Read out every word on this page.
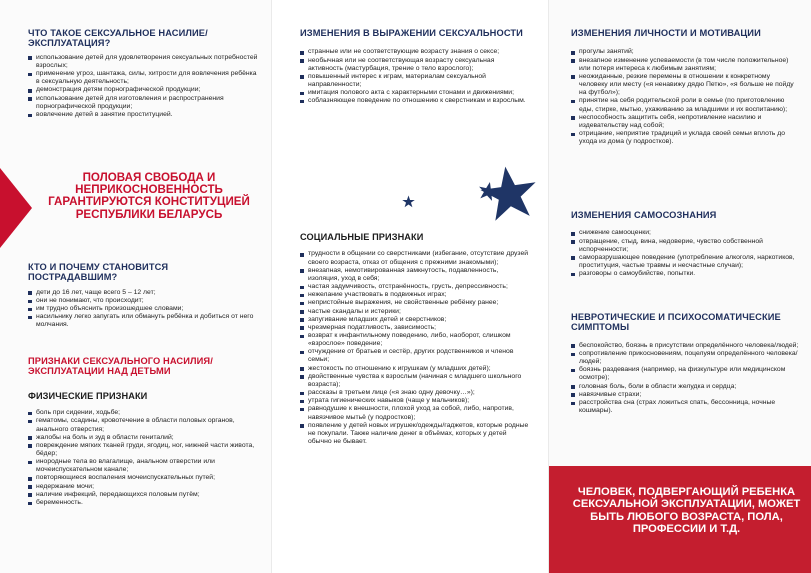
ЧТО ТАКОЕ СЕКСУАЛЬНОЕ НАСИЛИЕ/ЭКСПЛУАТАЦИЯ?
использование детей для удовлетворения сексуальных потребностей взрослых;
применение угроз, шантажа, силы, хитрости для вовлечения ребёнка в сексуальную деятельность;
демонстрация детям порнографической продукции;
использование детей для изготовления и распространения порнографической продукции;
вовлечение детей в занятие проституцией.
ПОЛОВАЯ СВОБОДА И НЕПРИКОСНОВЕННОСТЬ ГАРАНТИРУЮТСЯ КОНСТИТУЦИЕЙ РЕСПУБЛИКИ БЕЛАРУСЬ
КТО И ПОЧЕМУ СТАНОВИТСЯ ПОСТРАДАВШИМ?
дети до 16 лет, чаще всего 5 – 12 лет;
они не понимают, что происходит;
им трудно объяснить произошедшее словами;
насильнику легко запугать или обмануть ребёнка и добиться от него молчания.
ПРИЗНАКИ СЕКСУАЛЬНОГО НАСИЛИЯ/ЭКСПЛУАТАЦИИ НАД ДЕТЬМИ
ФИЗИЧЕСКИЕ ПРИЗНАКИ
боль при сидении, ходьбе;
гематомы, ссадины, кровотечение в области половых органов, анального отверстия;
жалобы на боль и зуд в области гениталий;
повреждение мягких тканей груди, ягодиц, ног, нижней части живота, бёдер;
инородные тела во влагалище, анальном отверстии или мочеиспускательном канале;
повторяющиеся воспаления мочеиспускательных путей;
недержание мочи;
наличие инфекций, передающихся половым путём;
беременность.
ИЗМЕНЕНИЯ В ВЫРАЖЕНИИ СЕКСУАЛЬНОСТИ
странные или не соответствующие возрасту знания о сексе;
необычная или не соответствующая возрасту сексуальная активность (мастурбация, трение о тело взрослого);
повышенный интерес к играм, материалам сексуальной направленности;
имитация полового акта с характерными стонами и движениями;
соблазняющее поведение по отношению к сверстникам и взрослым.
СОЦИАЛЬНЫЕ ПРИЗНАКИ
трудности в общении со сверстниками (избегание, отсутствие друзей своего возраста, отказ от общения с прежними знакомыми);
внезапная, немотивированная замкнутость, подавленность, изоляция, уход в себя;
частая задумчивость, отстранённость, грусть, депрессивность;
нежелание участвовать в подвижных играх;
непристойные выражения, не свойственные ребёнку ранее;
частые скандалы и истерики;
запугивание младших детей и сверстников;
чрезмерная податливость, зависимость;
возврат к инфантильному поведению, либо, наоборот, слишком «взрослое» поведение;
отчуждение от братьев и сестёр, других родственников и членов семьи;
жестокость по отношению к игрушкам (у младших детей);
двойственные чувства к взрослым (начиная с младшего школьного возраста);
рассказы в третьем лице («я знаю одну девочку…»);
утрата гигиенических навыков (чаще у мальчиков);
равнодушие к внешности, плохой уход за собой, либо, напротив, навязчивое мытьё (у подростков);
появление у детей новых игрушек/одежды/гаджетов, которые родные не покупали. Также наличие денег в объёмах, которых у детей обычно не бывает.
ИЗМЕНЕНИЯ ЛИЧНОСТИ И МОТИВАЦИИ
прогулы занятий;
внезапное изменение успеваемости (в том числе положительное) или потеря интереса к любимым занятиям;
неожиданные, резкие перемены в отношении к конкретному человеку или месту («я ненавижу дядю Петю», «я больше не пойду на футбол»);
принятие на себя родительской роли в семье (по приготовлению еды, стирке, мытью, ухаживанию за младшими и их воспитанию);
неспособность защитить себя, непротивление насилию и издевательству над собой;
отрицание, неприятие традиций и уклада своей семьи вплоть до ухода из дома (у подростков).
ИЗМЕНЕНИЯ САМОСОЗНАНИЯ
снижение самооценки;
отвращение, стыд, вина, недоверие, чувство собственной испорченности;
саморазрушающее поведение (употребление алкоголя, наркотиков, проституция, частые травмы и несчастные случаи);
разговоры о самоубийстве, попытки.
НЕВРОТИЧЕСКИЕ И ПСИХОСОМАТИЧЕСКИЕ СИМПТОМЫ
беспокойство, боязнь в присутствии определённого человека/людей;
сопротивление прикосновениям, поцелуям определённого человека/людей;
боязнь раздевания (например, на физкультуре или медицинском осмотре);
головная боль, боли в области желудка и сердца;
навязчивые страхи;
расстройства сна (страх ложиться спать, бессонница, ночные кошмары).
ЧЕЛОВЕК, ПОДВЕРГАЮЩИЙ РЕБЕНКА СЕКСУАЛЬНОЙ ЭКСПЛУАТАЦИИ, МОЖЕТ БЫТЬ ЛЮБОГО ВОЗРАСТА, ПОЛА, ПРОФЕССИИ И Т.Д.
